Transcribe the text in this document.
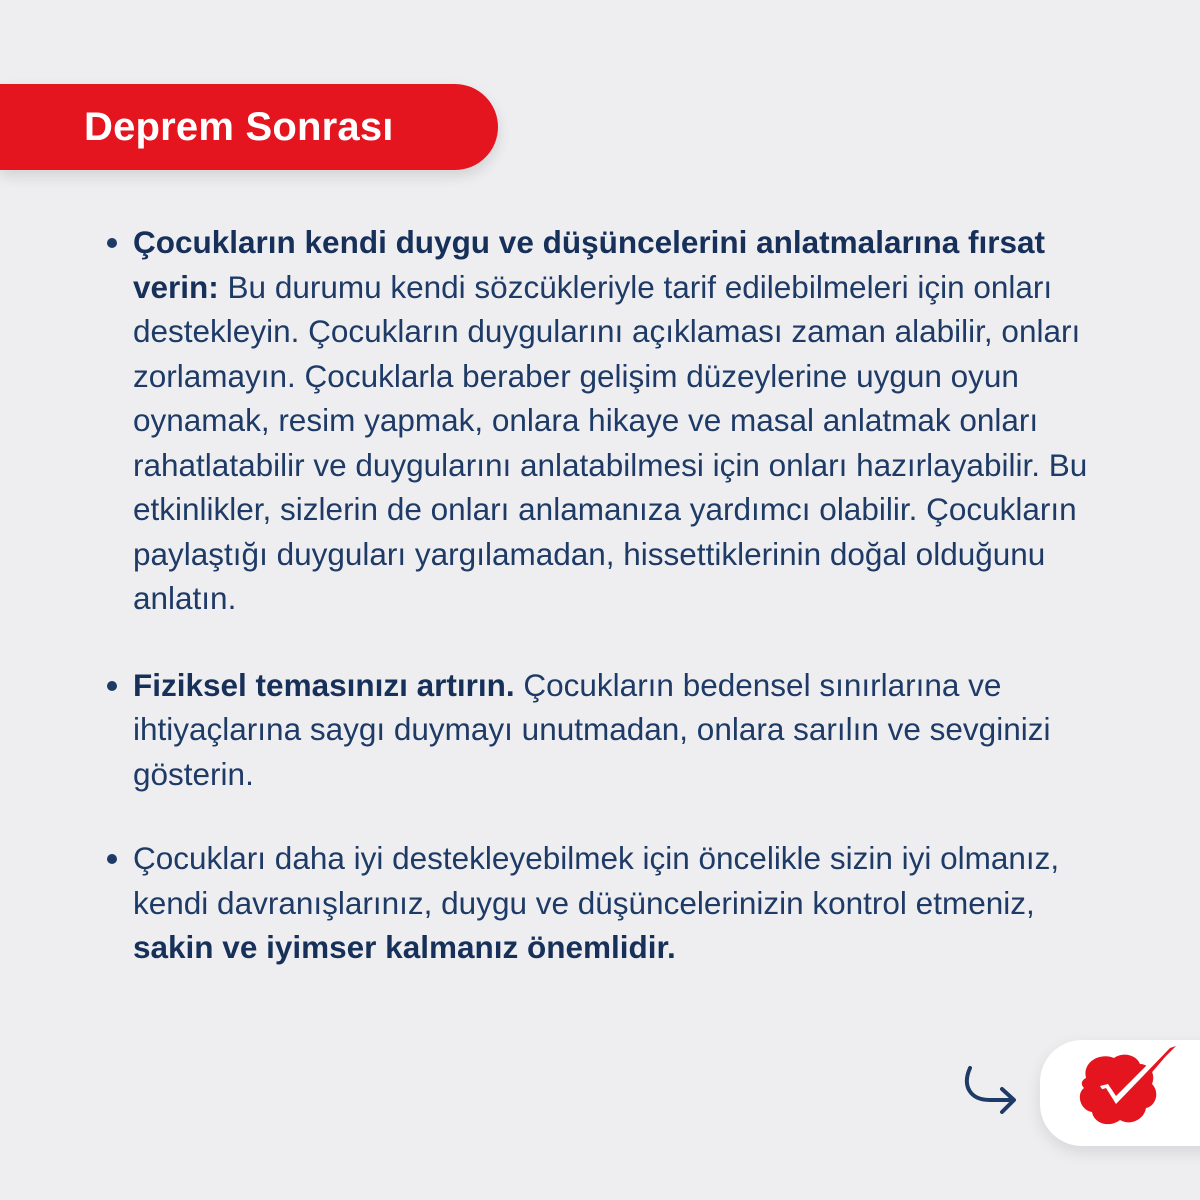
Deprem Sonrası
Çocukların kendi duygu ve düşüncelerini anlatmalarına fırsat verin: Bu durumu kendi sözcükleriyle tarif edilebilmeleri için onları destekleyin. Çocukların duygularını açıklaması zaman alabilir, onları zorlamayın. Çocuklarla beraber gelişim düzeylerine uygun oyun oynamak, resim yapmak, onlara hikaye ve masal anlatmak onları rahatlatabilir ve duygularını anlatabilmesi için onları hazırlayabilir. Bu etkinlikler, sizlerin de onları anlamanıza yardımcı olabilir. Çocukların paylaştığı duyguları yargılamadan, hissettiklerinin doğal olduğunu anlatın.
Fiziksel temasınızı artırın. Çocukların bedensel sınırlarına ve ihtiyaçlarına saygı duymayı unutmadan, onlara sarılın ve sevginizi gösterin.
Çocukları daha iyi destekleyebilmek için öncelikle sizin iyi olmanız, kendi davranışlarınız, duygu ve düşüncelerinizin kontrol etmeniz, sakin ve iyimser kalmanız önemlidir.
